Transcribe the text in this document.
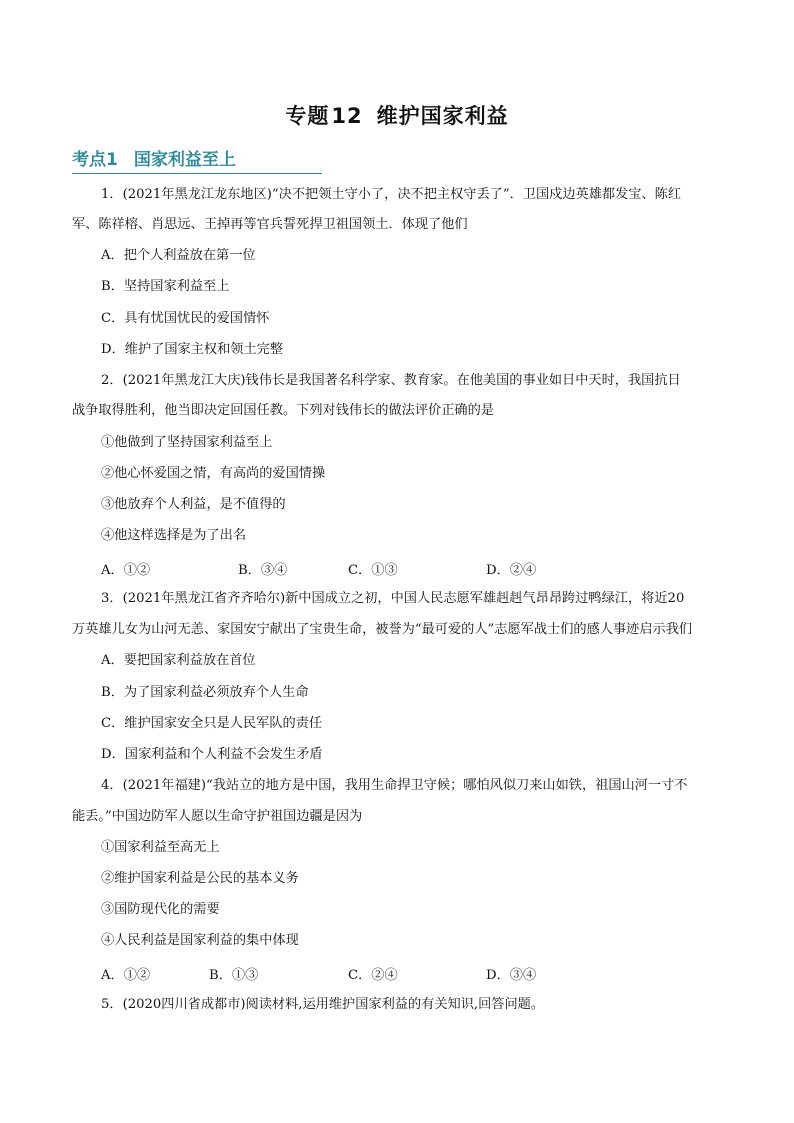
专题12 维护国家利益
考点1 国家利益至上
1．(2021年黑龙江龙东地区)“决不把领土守小了，决不把主权守丢了”．卫国戍边英雄都发宝、陈红
军、陈祥榕、肖思远、王掉再等官兵誓死捍卫祖国领土．体现了他们
A．把个人利益放在第一位
B．坚持国家利益至上
C．具有忧国忧民的爱国情怀
D．维护了国家主权和领土完整
2．(2021年黑龙江大庆)钱伟长是我国著名科学家、教育家。在他美国的事业如日中天时，我国抗日
战争取得胜利，他当即决定回国任教。下列对钱伟长的做法评价正确的是
①他做到了坚持国家利益至上
②他心怀爱国之情，有高尚的爱国情操
③他放弃个人利益，是不值得的
④他这样选择是为了出名
A．①②	B．③④	C．①③	D．②④
3．(2021年黑龙江省齐齐哈尔)新中国成立之初，中国人民志愿军雄赳赳气昂昂跨过鸭绿江，将近20
万英雄儿女为山河无恙、家国安宁献出了宝贵生命，被誉为“最可爱的人”志愿军战士们的感人事迹启示我们
A．要把国家利益放在首位
B．为了国家利益必须放弃个人生命
C．维护国家安全只是人民军队的责任
D．国家利益和个人利益不会发生矛盾
4．(2021年福建)“我站立的地方是中国，我用生命捍卫守候；哪怕风似刀来山如铁，祖国山河一寸不
能丢。”中国边防军人愿以生命守护祖国边疆是因为
①国家利益至高无上
②维护国家利益是公民的基本义务
③国防现代化的需要
④人民利益是国家利益的集中体现
A．①②	B．①③	C．②④	D．③④
5．(2020四川省成都市)阅读材料,运用维护国家利益的有关知识,回答问题。
